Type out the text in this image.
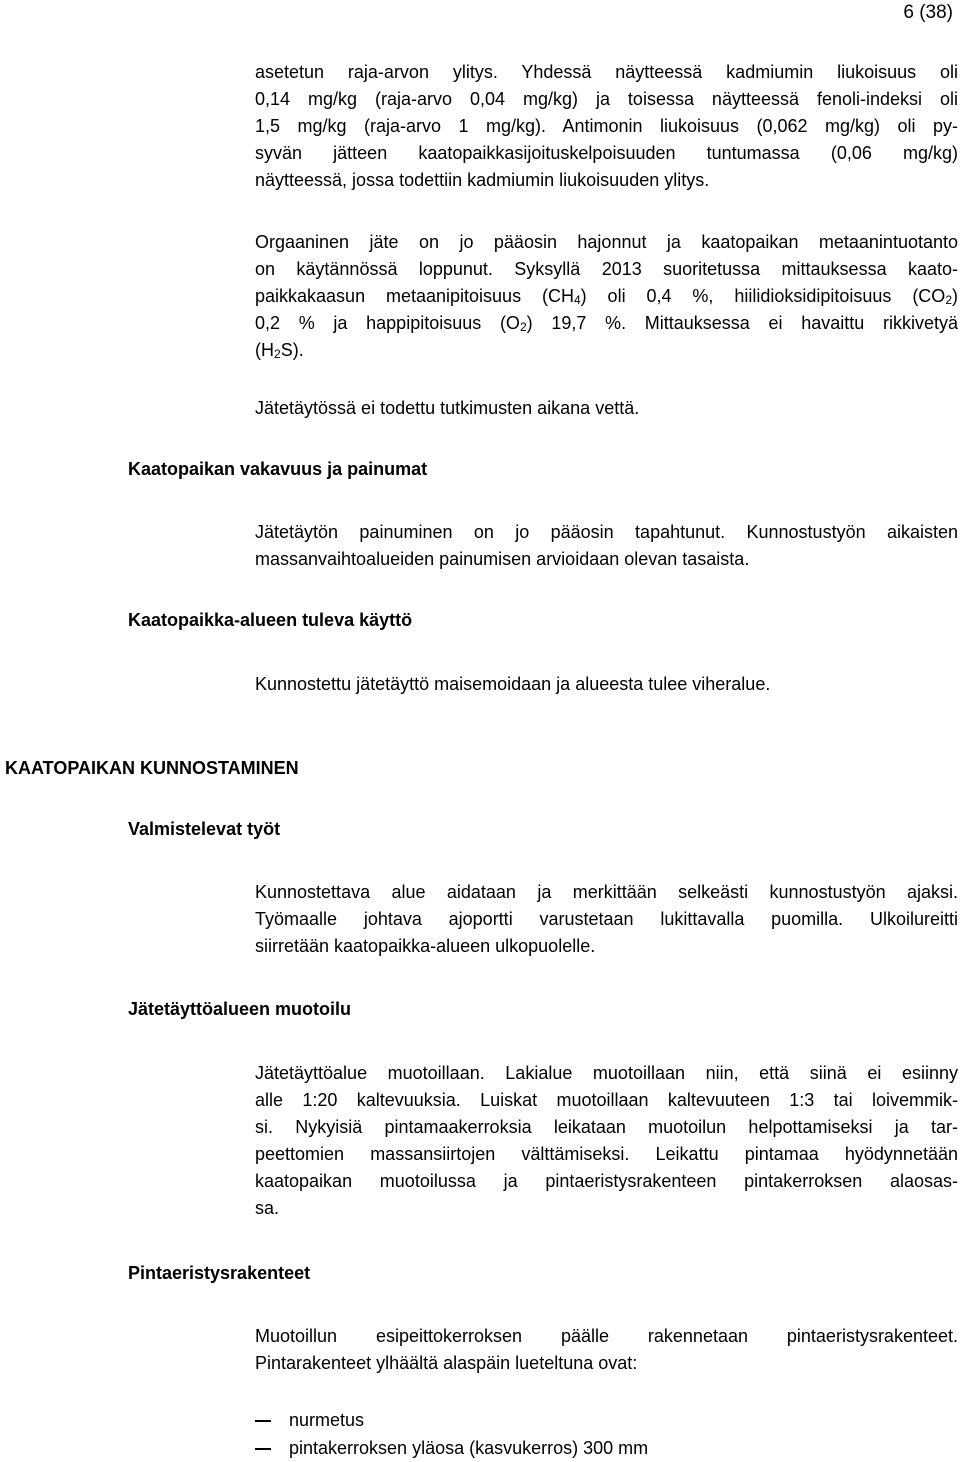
6 (38)
asetetun raja-arvon ylitys. Yhdessä näytteessä kadmiumin liukoisuus oli
0,14 mg/kg (raja-arvo 0,04 mg/kg) ja toisessa näytteessä fenoli-indeksi oli
1,5 mg/kg (raja-arvo 1 mg/kg). Antimonin liukoisuus (0,062 mg/kg) oli py-
syvän jätteen kaatopaikkasijoituskelpoisuuden tuntumassa (0,06 mg/kg)
näytteessä, jossa todettiin kadmiumin liukoisuuden ylitys.
Orgaaninen jäte on jo pääosin hajonnut ja kaatopaikan metaanintuotanto
on käytännössä loppunut. Syksyllä 2013 suoritetussa mittauksessa kaato-
paikkakaasun metaanipitoisuus $(CH_4)$ oli 0,4 %, hiilidioksidipitoisuus $(CO_2)$
0,2 % ja happipitoisuus $(O_2)$ 19,7 %. Mittauksessa ei havaittu rikkivetyä
$(H_2S)$.
Jätetäytössä ei todettu tutkimusten aikana vettä.
Kaatopaikan vakavuus ja painumat
Jätetäytön painuminen on jo pääosin tapahtunut. Kunnostustyön aikaisten
massanvaihtoalueiden painumisen arvioidaan olevan tasaista.
Kaatopaikka-alueen tuleva käyttö
Kunnostettu jätetäyttö maisemoidaan ja alueesta tulee viheralue.
KAATOPAIKAN KUNNOSTAMINEN
Valmistelevat työt
Kunnostettava alue aidataan ja merkittään selkeästi kunnostustyön ajaksi.
Työmaalle johtava ajoportti varustetaan lukittavalla puomilla. Ulkoilureitti
siirretään kaatopaikka-alueen ulkopuolelle.
Jätetäyttöalueen muotoilu
Jätetäyttöalue muotoillaan. Lakialue muotoillaan niin, että siinä ei esiinny
alle 1:20 kaltevuuksia. Luiskat muotoillaan kaltevuuteen 1:3 tai loivemmik-
si. Nykyisiä pintamaakerroksia leikataan muotoilun helpottamiseksi ja tar-
peettomien massansiirtojen välttämiseksi. Leikattu pintamaa hyödynnetään
kaatopaikan muotoilussa ja pintaeristysrakenteen pintakerroksen alaosas-
sa.
Pintaeristysrakenteet
Muotoillun esipeittokerroksen päälle rakennetaan pintaeristysrakenteet.
Pintarakenteet ylhäältä alaspäin lueteltuna ovat:
nurmetus
pintakerroksen yläosa (kasvukerros) 300 mm
